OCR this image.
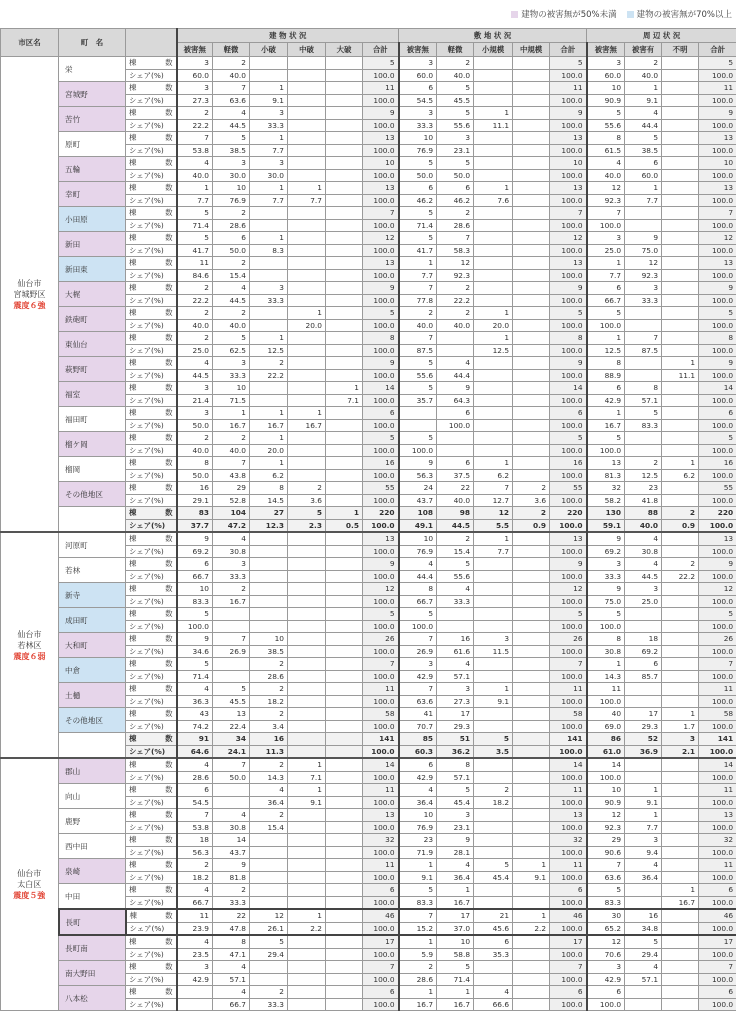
建物の被害無が50%未満	建物の被害無が70%以上
市区名	町　名		建 物 状 況						敷 地 状 況					周 辺 状 況			
			被害無	軽微	小破	中破	大破	合計	被害無	軽微	小規模	中規模	合計	被害無	被害有	不明	合計

仙台市
宮城野区
震度６強
	栄	
棟	数	3	2				5	3	2			5	3	2		5
		シェア(%)	60.0	40.0				100.0	60.0	40.0			100.0	60.0	40.0		100.0
	宮城野	棟 数	3	7	1			11	6	5			11	10	1		11
		シェア(%)	27.3	63.6	9.1			100.0	54.5	45.5			100.0	90.9	9.1		100.0
	苦竹	棟 数	2	4	3			9	3	5	1		9	5	4		9
		シェア(%)	22.2	44.5	33.3			100.0	33.3	55.6	11.1		100.0	55.6	44.4		100.0
	原町	棟 数	7	5	1			13	10	3			13	8	5		13
		シェア(%)	53.8	38.5	7.7			100.0	76.9	23.1			100.0	61.5	38.5		100.0
	五輪	棟 数	4	3	3			10	5	5			10	4	6		10
		シェア(%)	40.0	30.0	30.0			100.0	50.0	50.0			100.0	40.0	60.0		100.0
	幸町	棟 数	1	10	1	1		13	6	6	1		13	12	1		13
		シェア(%)	7.7	76.9	7.7	7.7		100.0	46.2	46.2	7.6		100.0	92.3	7.7		100.0
	小田原	棟 数	5	2				7	5	2			7	7			7
		シェア(%)	71.4	28.6				100.0	71.4	28.6			100.0	100.0			100.0
	新田	棟 数	5	6	1			12	5	7			12	3	9		12
		シェア(%)	41.7	50.0	8.3			100.0	41.7	58.3			100.0	25.0	75.0		100.0
	新田東	棟 数	11	2				13	1	12			13	1	12		13
		シェア(%)	84.6	15.4				100.0	7.7	92.3			100.0	7.7	92.3		100.0
	大梶	棟 数	2	4	3			9	7	2			9	6	3		9
		シェア(%)	22.2	44.5	33.3			100.0	77.8	22.2			100.0	66.7	33.3		100.0
	鉄砲町	棟 数	2	2		1		5	2	2	1		5	5			5
		シェア(%)	40.0	40.0		20.0		100.0	40.0	40.0	20.0		100.0	100.0			100.0
	東仙台	棟 数	2	5	1			8	7		1		8	1	7		8
		シェア(%)	25.0	62.5	12.5			100.0	87.5		12.5		100.0	12.5	87.5		100.0
	萩野町	棟 数	4	3	2			9	5	4			9	8		1	9
		シェア(%)	44.5	33.3	22.2			100.0	55.6	44.4			100.0	88.9		11.1	100.0
	福室	棟 数	3	10			1	14	5	9			14	6	8		14
		シェア(%)	21.4	71.5			7.1	100.0	35.7	64.3			100.0	42.9	57.1		100.0
	福田町	棟 数	3	1	1	1		6		6			6	1	5		6
		シェア(%)	50.0	16.7	16.7	16.7		100.0		100.0			100.0	16.7	83.3		100.0
	榴ケ岡	棟 数	2	2	1			5	5				5	5			5
		シェア(%)	40.0	40.0	20.0			100.0	100.0				100.0	100.0			100.0
	榴岡	棟 数	8	7	1			16	9	6	1		16	13	2	1	16
		シェア(%)	50.0	43.8	6.2			100.0	56.3	37.5	6.2		100.0	81.3	12.5	6.2	100.0
	その他地区	棟 数	16	29	8	2		55	24	22	7	2	55	32	23		55
		シェア(%)	29.1	52.8	14.5	3.6		100.0	43.7	40.0	12.7	3.6	100.0	58.2	41.8		100.0

		棟 数	83	104	27	5	1	220	108	98	12	2	220	130	88	2	220
		シェア(%)	37.7	47.2	12.3	2.3	0.5	100.0	49.1	44.5	5.5	0.9	100.0	59.1	40.0	0.9	100.0

仙台市
若林区
震度６弱
	河原町	
棟	数	9	4				13	10	2	1		13	9	4		13
		シェア(%)	69.2	30.8				100.0	76.9	15.4	7.7		100.0	69.2	30.8		100.0
	若林	棟 数	6	3				9	4	5			9	3	4	2	9
		シェア(%)	66.7	33.3				100.0	44.4	55.6			100.0	33.3	44.5	22.2	100.0
	新寺	棟 数	10	2				12	8	4			12	9	3		12
		シェア(%)	83.3	16.7				100.0	66.7	33.3			100.0	75.0	25.0		100.0
	成田町	棟 数	5					5	5				5	5			5
		シェア(%)	100.0					100.0	100.0				100.0	100.0			100.0
	大和町	棟 数	9	7	10			26	7	16	3		26	8	18		26
		シェア(%)	34.6	26.9	38.5			100.0	26.9	61.6	11.5		100.0	30.8	69.2		100.0
	中倉	棟 数	5		2			7	3	4			7	1	6		7
		シェア(%)	71.4		28.6			100.0	42.9	57.1			100.0	14.3	85.7		100.0
	土樋	棟 数	4	5	2			11	7	3	1		11	11			11
		シェア(%)	36.3	45.5	18.2			100.0	63.6	27.3	9.1		100.0	100.0			100.0
	その他地区	棟 数	43	13	2			58	41	17			58	40	17	1	58
		シェア(%)	74.2	22.4	3.4			100.0	70.7	29.3			100.0	69.0	29.3	1.7	100.0

		棟 数	91	34	16			141	85	51	5		141	86	52	3	141
		シェア(%)	64.6	24.1	11.3			100.0	60.3	36.2	3.5		100.0	61.0	36.9	2.1	100.0

仙台市
太白区
震度５強
	郡山	
棟	数	4	7	2	1		14	6	8			14	14			14
		シェア(%)	28.6	50.0	14.3	7.1		100.0	42.9	57.1			100.0	100.0			100.0
	向山	棟 数	6		4	1		11	4	5	2		11	10	1		11
		シェア(%)	54.5		36.4	9.1		100.0	36.4	45.4	18.2		100.0	90.9	9.1		100.0
	鹿野	棟 数	7	4	2			13	10	3			13	12	1		13
		シェア(%)	53.8	30.8	15.4			100.0	76.9	23.1			100.0	92.3	7.7		100.0
	西中田	棟 数	18	14				32	23	9			32	29	3		32
		シェア(%)	56.3	43.7				100.0	71.9	28.1			100.0	90.6	9.4		100.0
	泉崎	棟 数	2	9				11	1	4	5	1	11	7	4		11
		シェア(%)	18.2	81.8				100.0	9.1	36.4	45.4	9.1	100.0	63.6	36.4		100.0
	中田	棟 数	4	2				6	5	1			6	5		1	6
		シェア(%)	66.7	33.3				100.0	83.3	16.7			100.0	83.3		16.7	100.0
	長町	棟 数	11	22	12	1		46	7	17	21	1	46	30	16		46
		シェア(%)	23.9	47.8	26.1	2.2		100.0	15.2	37.0	45.6	2.2	100.0	65.2	34.8		100.0
	長町南	棟 数	4	8	5			17	1	10	6		17	12	5		17
		シェア(%)	23.5	47.1	29.4			100.0	5.9	58.8	35.3		100.0	70.6	29.4		100.0
	南大野田	棟 数	3	4				7	2	5			7	3	4		7
		シェア(%)	42.9	57.1				100.0	28.6	71.4			100.0	42.9	57.1		100.0
	八本松	棟 数		4	2			6	1	1	4		6	6			6
		シェア(%)		66.7	33.3			100.0	16.7	16.7	66.6		100.0	100.0			100.0
